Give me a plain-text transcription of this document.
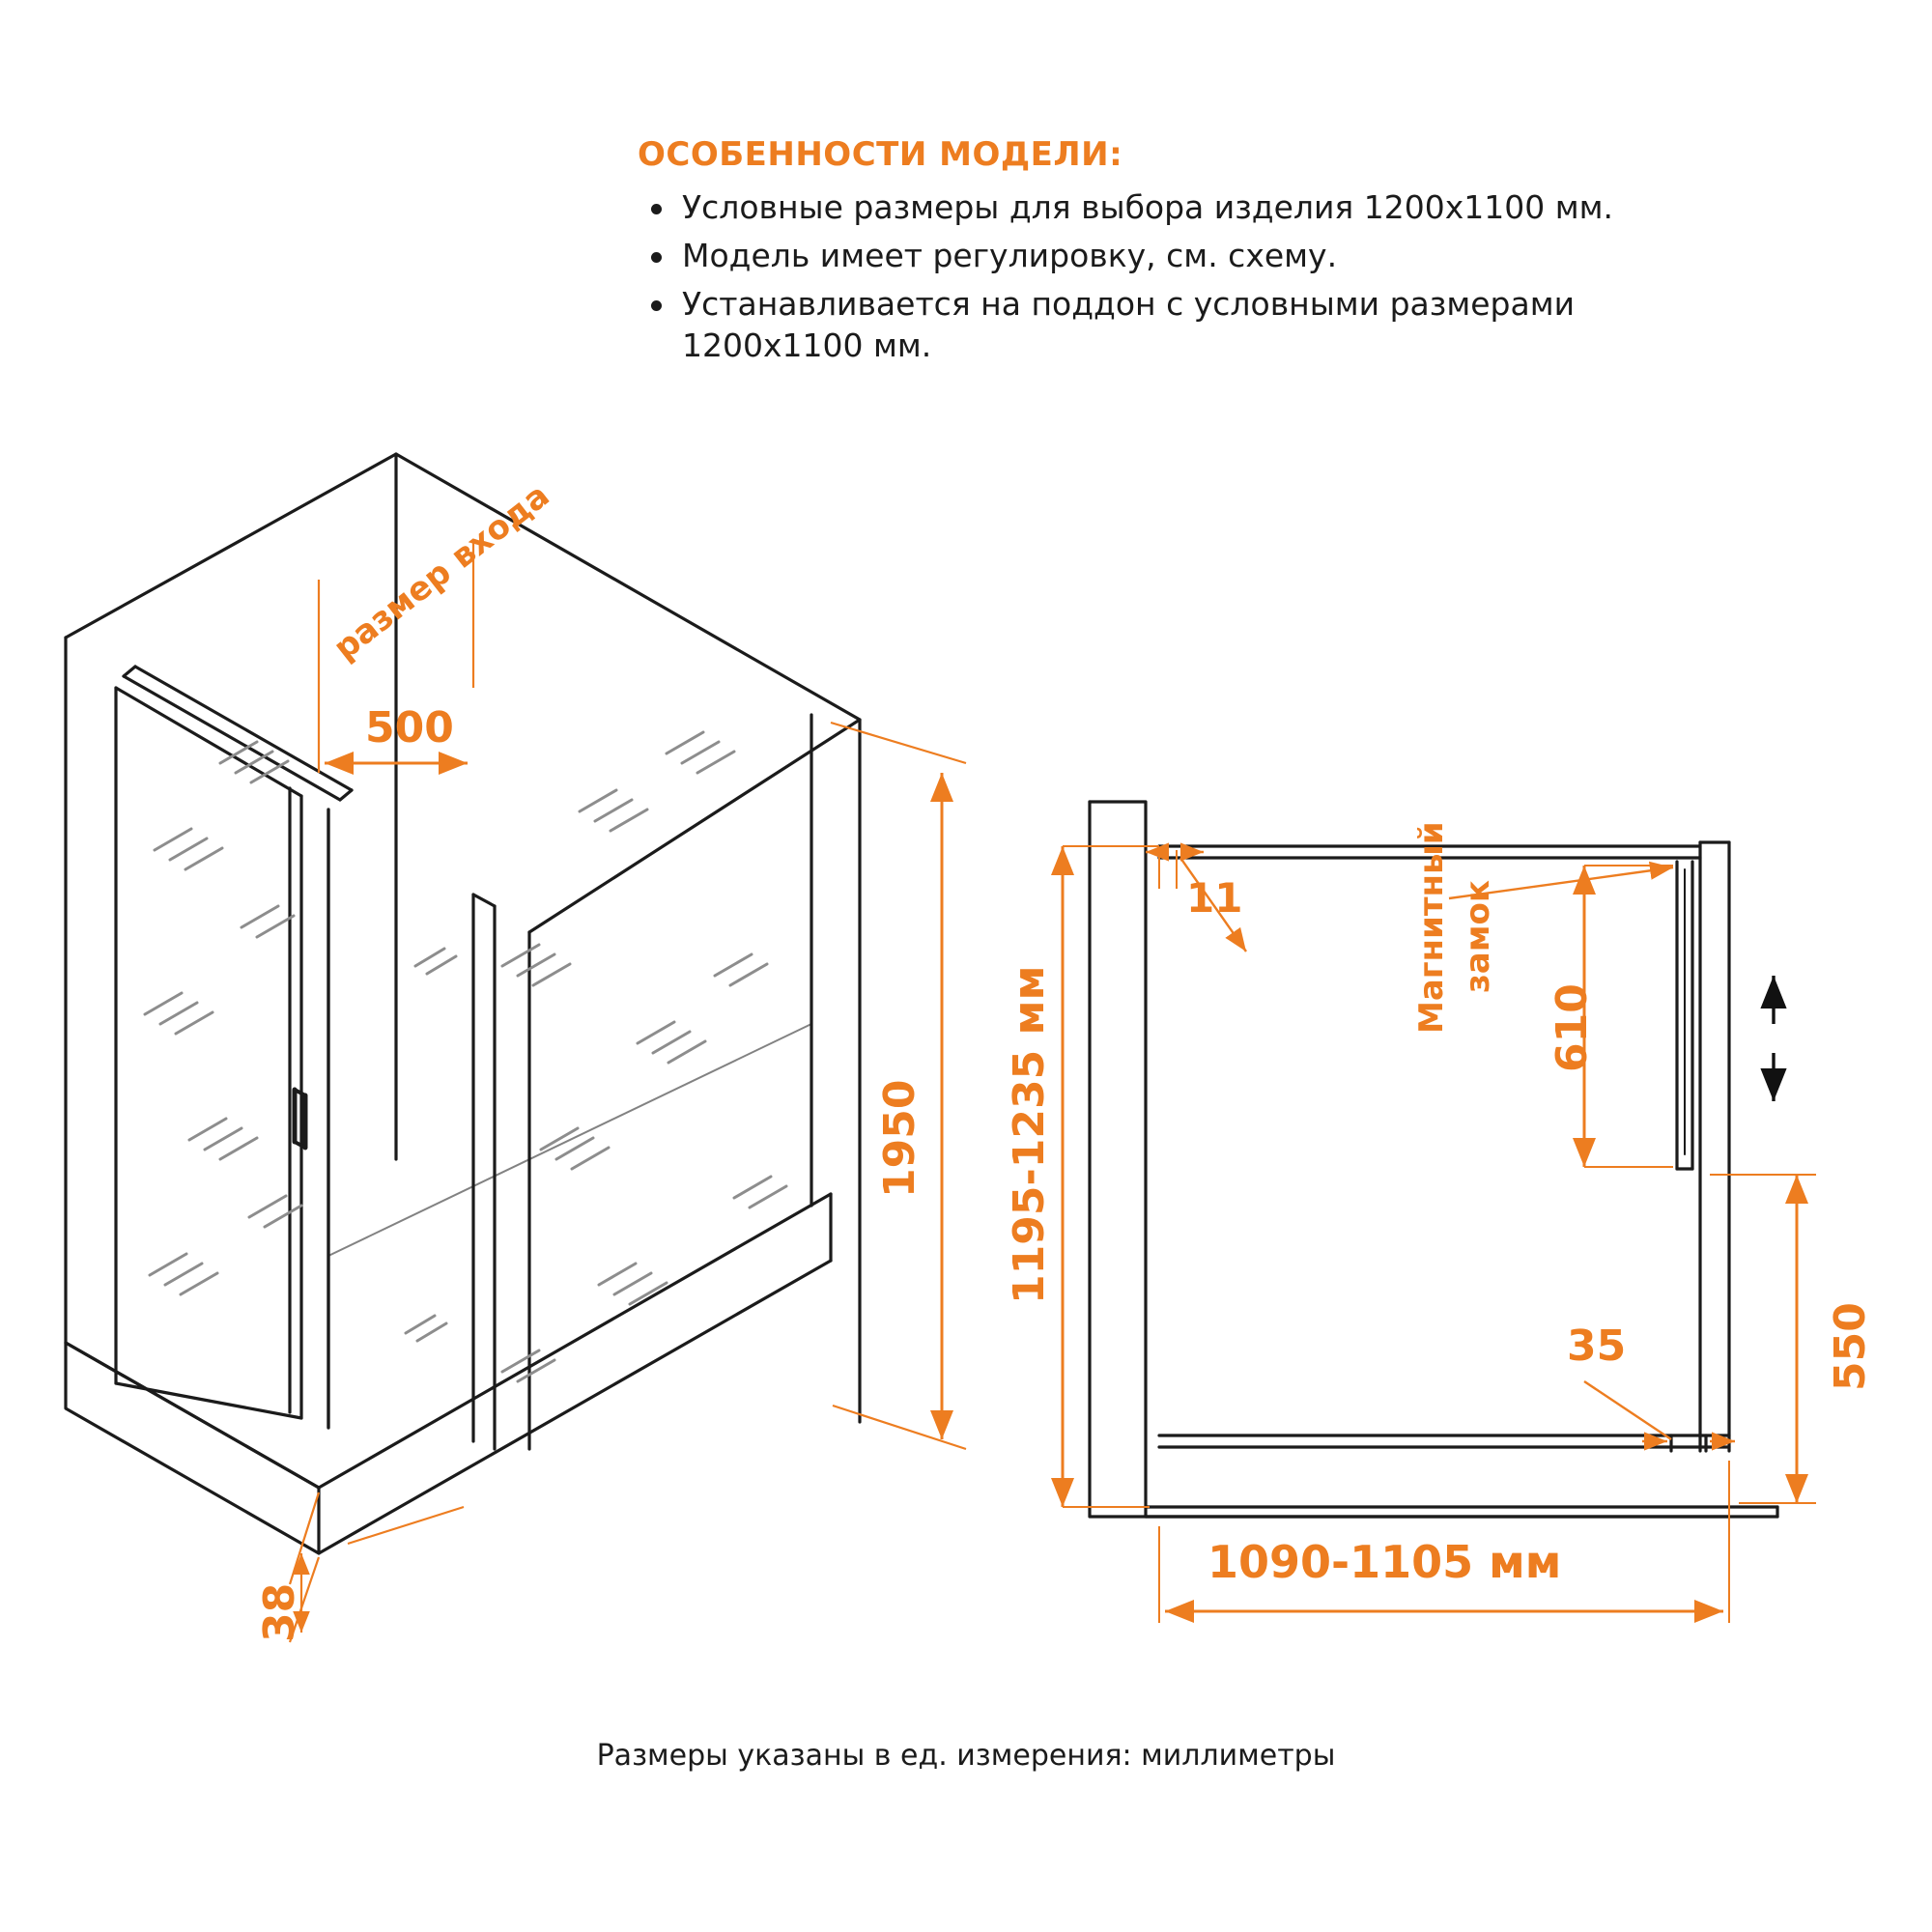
ОСОБЕННОСТИ МОДЕЛИ:
Условные размеры для выбора изделия 1200х1100 мм.
Модель имеет регулировку, см. схему.
Устанавливается на поддон с условными размерами 1200х1100 мм.
размер входа
500
1950
38
1195-1235 мм
11	Магнитный замок
610
550
35
1090-1105 мм
Размеры указаны в ед. измерения: миллиметры
